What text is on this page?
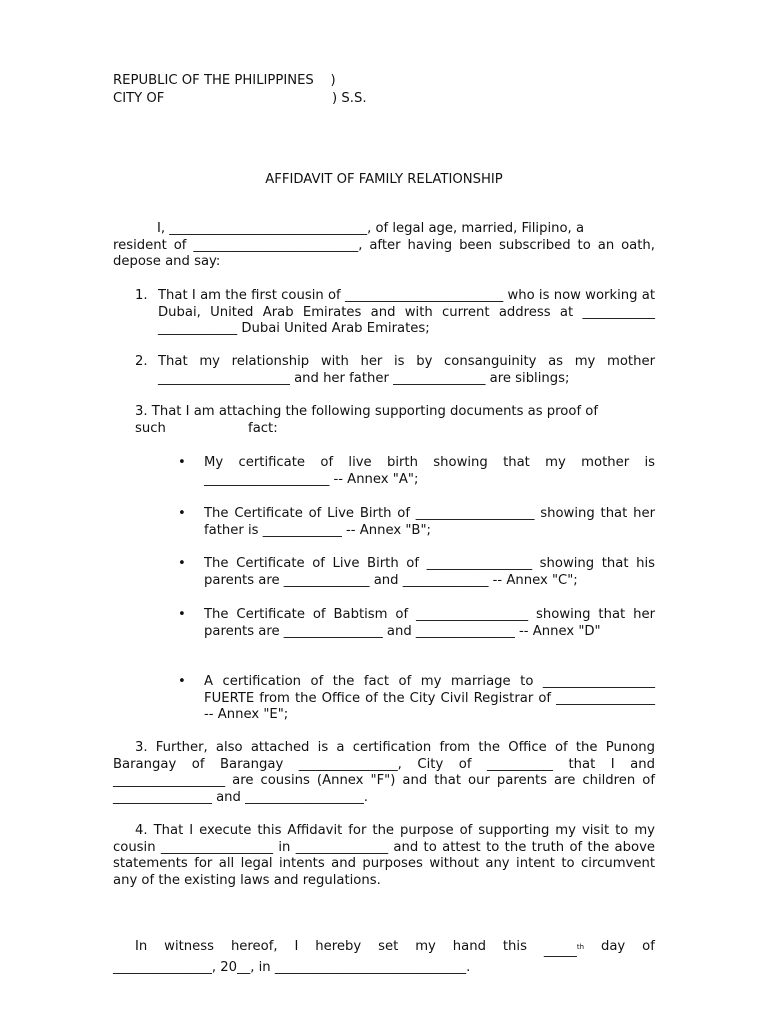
REPUBLIC OF THE PHILIPPINES    )
CITY OF                                        ) S.S.
AFFIDAVIT OF FAMILY RELATIONSHIP
I, ______________________________, of legal age, married, Filipino, a
resident of _________________________, after having been subscribed to an oath, depose and say:
1. That I am the first cousin of ________________________ who is now working at Dubai, United Arab Emirates and with current address at ___________ ____________ Dubai United Arab Emirates;
2. That my relationship with her is by consanguinity as my mother ____________________ and her father ______________ are siblings;
3. That I am attaching the following supporting documents as proof of
such	fact:
• My certificate of live birth showing that my mother is ___________________ -- Annex "A";
• The Certificate of Live Birth of __________________ showing that her father is ____________ -- Annex "B";
• The Certificate of Live Birth of ________________ showing that his parents are _____________ and _____________ -- Annex "C";
• The Certificate of Babtism of _________________ showing that her parents are _______________ and _______________ -- Annex "D"
• A certification of the fact of my marriage to _________________ FUERTE from the Office of the City Civil Registrar of _______________ -- Annex "E";
3. Further, also attached is a certification from the Office of the Punong Barangay of Barangay _______________, City of __________ that I and _________________ are cousins (Annex "F") and that our parents are children of _______________ and __________________.
4. That I execute this Affidavit for the purpose of supporting my visit to my cousin _________________ in ______________ and to attest to the truth of the above statements for all legal intents and purposes without any intent to circumvent any of the existing laws and regulations.
In witness hereof, I hereby set my hand this _____$^{th}$ day of
_______________, 20__, in _____________________________.
